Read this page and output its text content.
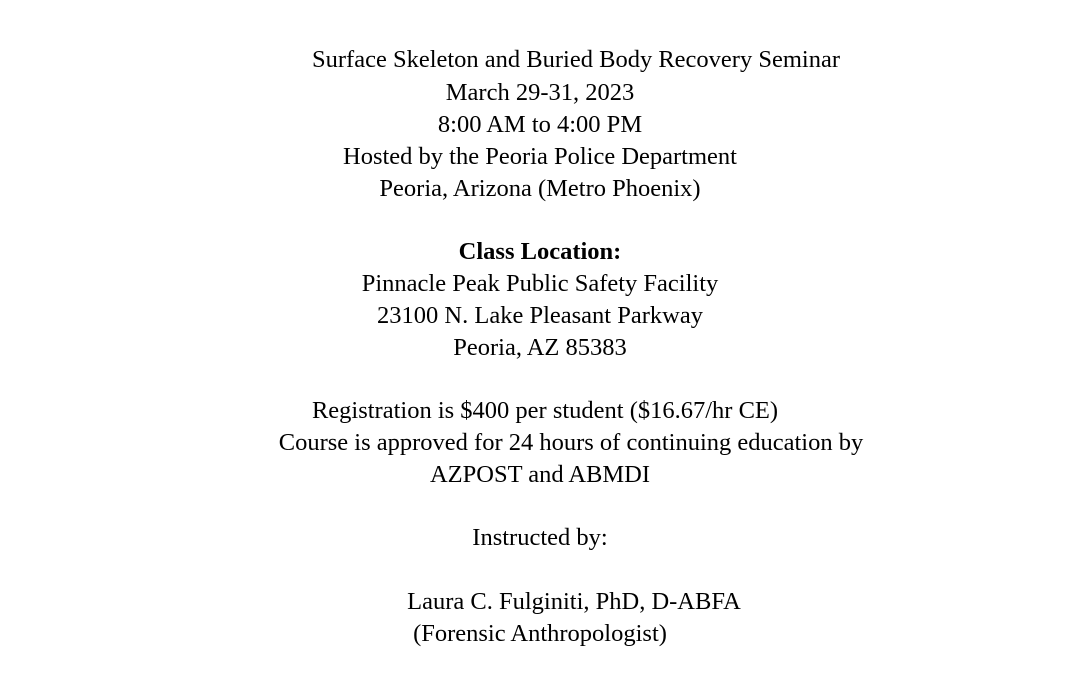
Surface Skeleton and Buried Body Recovery Seminar
March 29-31, 2023
8:00 AM to 4:00 PM
Hosted by the Peoria Police Department
Peoria, Arizona (Metro Phoenix)
Class Location:
Pinnacle Peak Public Safety Facility
23100 N. Lake Pleasant Parkway
Peoria, AZ 85383
Registration is $400 per student ($16.67/hr CE)
Course is approved for 24 hours of continuing education by
AZPOST and ABMDI
Instructed by:
Laura C. Fulginiti, PhD, D-ABFA
(Forensic Anthropologist)
